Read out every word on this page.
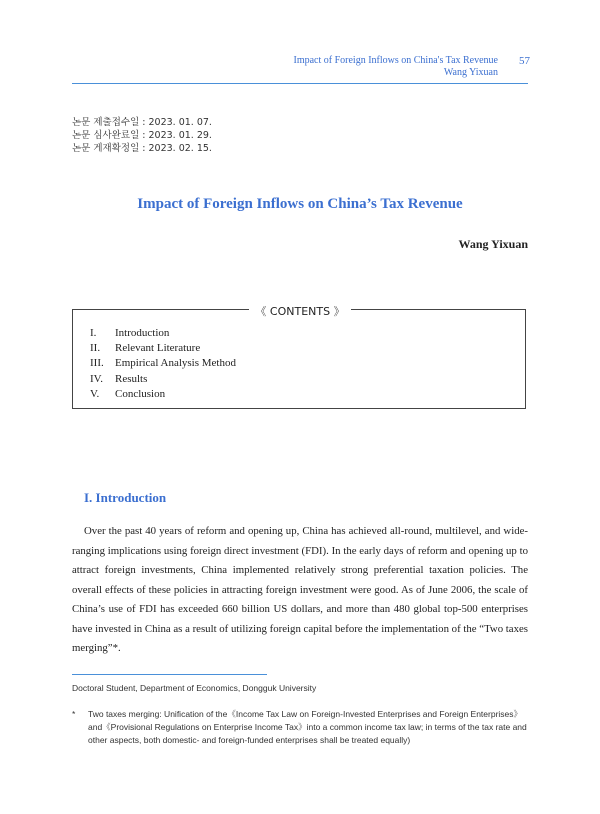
Impact of Foreign Inflows on China's Tax Revenue	57
Wang Yixuan
논문 제출접수일 : 2023. 01. 07.
논문 심사완료일 : 2023. 01. 29.
논문 게재확정일 : 2023. 02. 15.
Impact of Foreign Inflows on China’s Tax Revenue
Wang Yixuan
《 CONTENTS 》
I.	Introduction
II.	Relevant Literature
III.	Empirical Analysis Method
IV.	Results
V.	Conclusion
I. Introduction
Over the past 40 years of reform and opening up, China has achieved all-round, multilevel, and wide-ranging implications using foreign direct investment (FDI). In the early days of reform and opening up to attract foreign investments, China implemented relatively strong preferential taxation policies. The overall effects of these policies in attracting foreign investment were good. As of June 2006, the scale of China’s use of FDI has exceeded 660 billion US dollars, and more than 480 global top-500 enterprises have invested in China as a result of utilizing foreign capital before the implementation of the “Two taxes merging”*.
Doctoral Student, Department of Economics, Dongguk University
*	Two taxes merging: Unification of the《Income Tax Law on Foreign-Invested Enterprises and Foreign Enterprises》and《Provisional Regulations on Enterprise Income Tax》into a common income tax law; in terms of the tax rate and other aspects, both domestic- and foreign-funded enterprises shall be treated equally)
